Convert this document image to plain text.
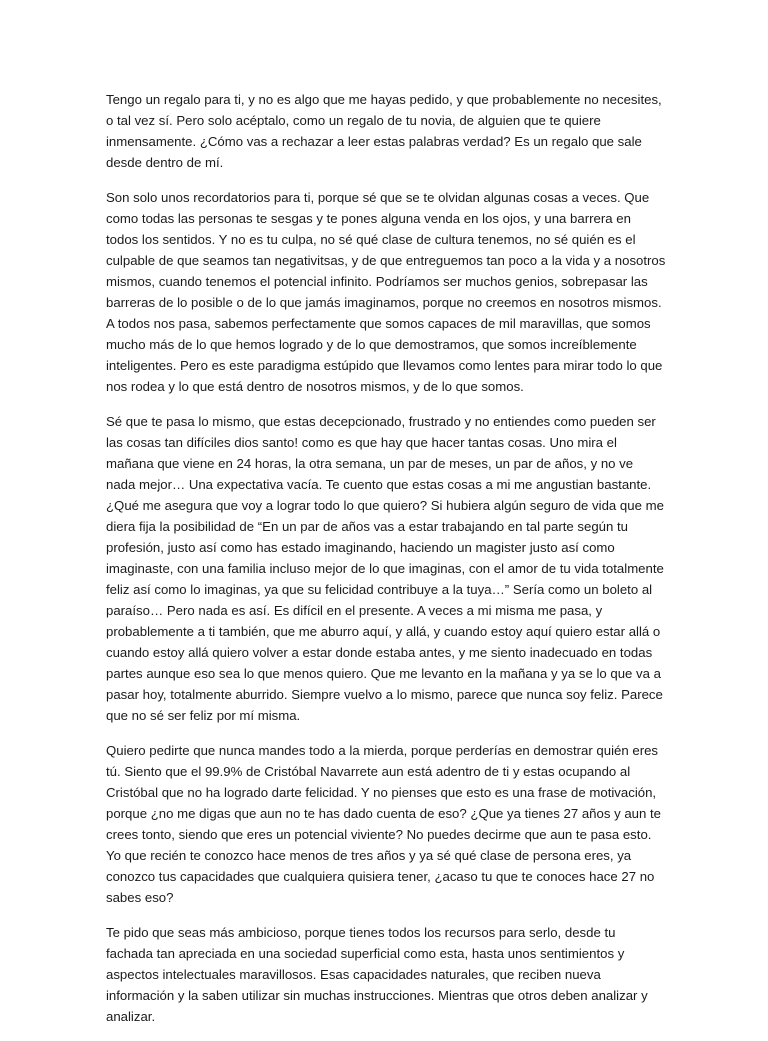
Tengo un regalo para ti, y no es algo que me hayas pedido, y que probablemente no necesites, o tal vez sí. Pero solo acéptalo, como un regalo de tu novia, de alguien que te quiere inmensamente. ¿Cómo vas a rechazar a leer estas palabras verdad? Es un regalo que sale desde dentro de mí.

Son solo unos recordatorios para ti, porque sé que se te olvidan algunas cosas a veces. Que como todas las personas te sesgas y te pones alguna venda en los ojos, y una barrera en todos los sentidos. Y no es tu culpa, no sé qué clase de cultura tenemos, no sé quién es el culpable de que seamos tan negativitsas, y de que entreguemos tan poco a la vida y a nosotros mismos, cuando tenemos el potencial infinito. Podríamos ser muchos genios, sobrepasar las barreras de lo posible o de lo que jamás imaginamos, porque no creemos en nosotros mismos. A todos nos pasa, sabemos perfectamente que somos capaces de mil maravillas, que somos mucho más de lo que hemos logrado y de lo que demostramos, que somos increíblemente inteligentes. Pero es este paradigma estúpido que llevamos como lentes para mirar todo lo que nos rodea y lo que está dentro de nosotros mismos, y de lo que somos.

Sé que te pasa lo mismo, que estas decepcionado, frustrado y no entiendes como pueden ser las cosas tan difíciles dios santo! como es que hay que hacer tantas cosas. Uno mira el mañana que viene en 24 horas, la otra semana, un par de meses, un par de años, y no ve nada mejor… Una expectativa vacía. Te cuento que estas cosas a mi me angustian bastante. ¿Qué me asegura que voy a lograr todo lo que quiero? Si hubiera algún seguro de vida que me diera fija la posibilidad de “En un par de años vas a estar trabajando en tal parte según tu profesión, justo así como has estado imaginando, haciendo un magister justo así como imaginaste, con una familia incluso mejor de lo que imaginas, con el amor de tu vida totalmente feliz así como lo imaginas, ya que su felicidad contribuye a la tuya…” Sería como un boleto al paraíso… Pero nada es así. Es difícil en el presente. A veces a mi misma me pasa, y probablemente a ti también, que me aburro aquí, y allá, y cuando estoy aquí quiero estar allá o cuando estoy allá quiero volver a estar donde estaba antes, y me siento inadecuado en todas partes aunque eso sea lo que menos quiero. Que me levanto en la mañana y ya se lo que va a pasar hoy, totalmente aburrido. Siempre vuelvo a lo mismo, parece que nunca soy feliz. Parece que no sé ser feliz por mí misma.

Quiero pedirte que nunca mandes todo a la mierda, porque perderías en demostrar quién eres tú. Siento que el 99.9% de Cristóbal Navarrete aun está adentro de ti y estas ocupando al Cristóbal que no ha logrado darte felicidad. Y no pienses que esto es una frase de motivación, porque ¿no me digas que aun no te has dado cuenta de eso? ¿Que ya tienes 27 años y aun te crees tonto, siendo que eres un potencial viviente? No puedes decirme que aun te pasa esto. Yo que recién te conozco hace menos de tres años y ya sé qué clase de persona eres, ya conozco tus capacidades que cualquiera quisiera tener, ¿acaso tu que te conoces hace 27 no sabes eso?

Te pido que seas más ambicioso, porque tienes todos los recursos para serlo, desde tu fachada tan apreciada en una sociedad superficial como esta, hasta unos sentimientos y aspectos intelectuales maravillosos. Esas capacidades naturales, que reciben nueva información y la saben utilizar sin muchas instrucciones. Mientras que otros deben analizar y analizar.
